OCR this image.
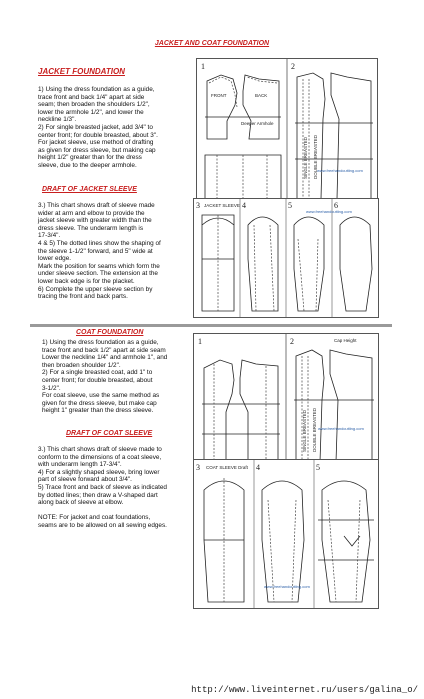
JACKET AND COAT FOUNDATION
JACKET FOUNDATION

1) Using the dress foundation as a guide,

trace front and back 1/4" apart at side

seam; then broaden the shoulders 1/2",

lower the armhole 1/2", and lower the

neckline 1/3".

2) For single breasted jacket, add 3/4" to

center front; for double breasted, about 3".

For jacket sleeve, use method of drafting

as given for dress sleeve, but making cap

height 1/2" greater than for the dress

sleeve, due to the deeper armhole.

1	2
FRONT	BACK
Deeper Armhole
SINGLE BREASTED DOUBLE BREASTED www.freehandcutting.com
DRAFT OF JACKET SLEEVE

3.) This chart shows draft of sleeve made

wider at arm and elbow to provide the

jacket sleeve with greater width than the

dress sleeve. The underarm length is

17-3/4".

4 & 5) The dotted lines show the shaping of

the sleeve 1-1/2" forward, and 5" wide at

lower edge.

Mark the position for seams which form the

under sleeve section. The extension at the

lower back edge is for the placket.

6) Complete the upper sleeve section by

tracing the front and back parts.

3	4	5	6
JACKET SLEEVE
www.freehandcutting.com
COAT FOUNDATION

1) Using the dress foundation as a guide,

trace front and back 1/2" apart at side seam

Lower the neckline 1/4" and armhole 1", and

then broaden shoulder 1/2".

2) For a single breasted coat, add 1" to

center front; for double breasted, about

3-1/2".

For coat sleeve, use the same method as

given for the dress sleeve, but make cap

height 1" greater than the dress sleeve.

1	2	Cap Height
SINGLE BREASTED DOUBLE BREASTED www.freehandcutting.com
DRAFT OF COAT SLEEVE

3.) This chart shows draft of sleeve made to

conform to the dimensions of a coat sleeve,

with underarm length 17-3/4".

4) For a slightly shaped sleeve, bring lower

part of sleeve forward about 3/4".

5) Trace front and back of sleeve as indicated

by dotted lines; then draw a V-shaped dart

along back of sleeve at elbow.

NOTE: For jacket and coat foundations,

seams are to be allowed on all sewing edges.

3	4	5
COAT SLEEVE Draft
www.freehandcutting.com
http://www.liveinternet.ru/users/galina_o/
